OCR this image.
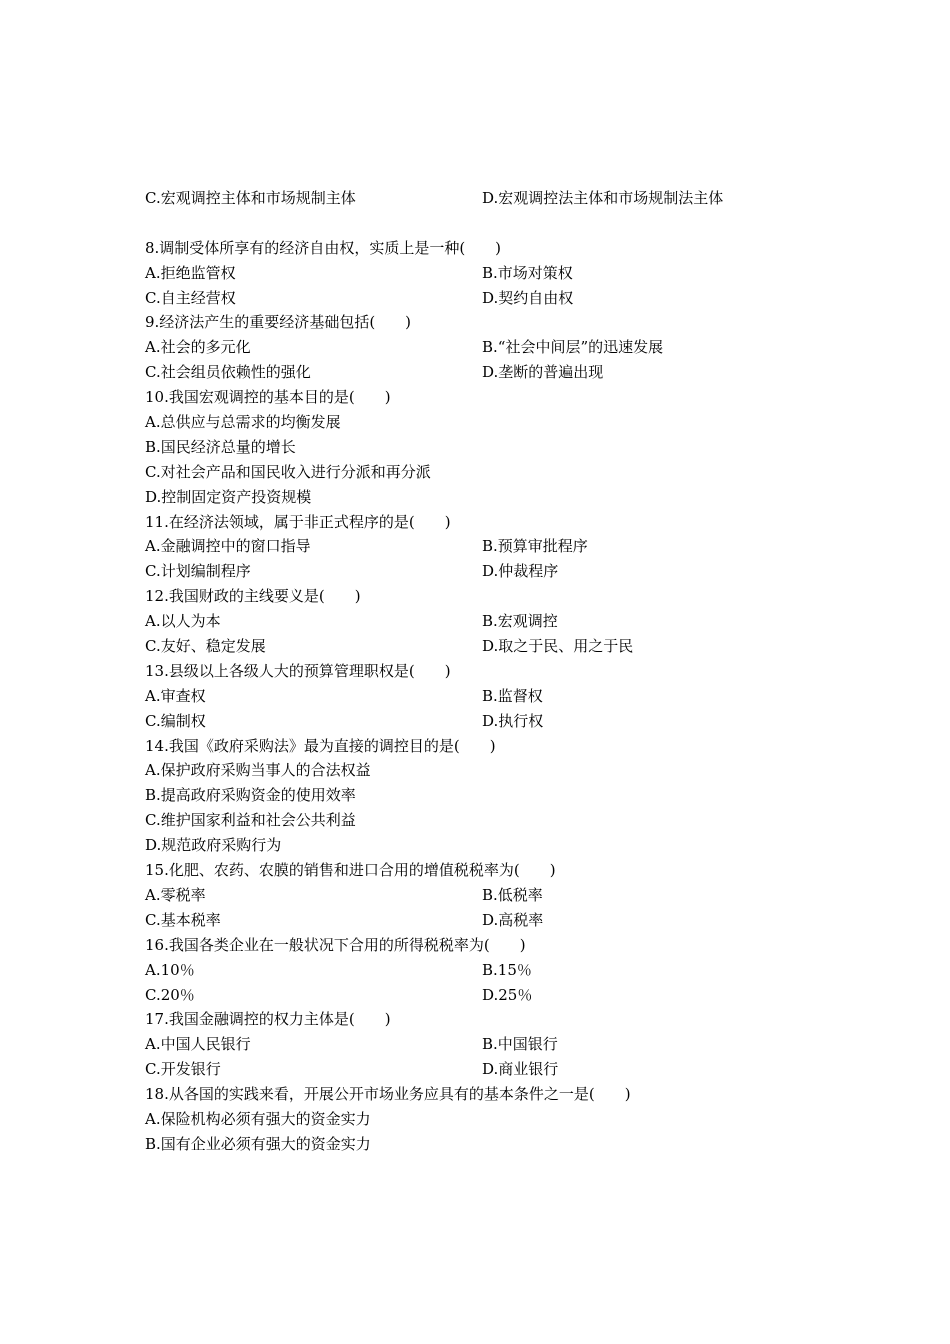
C.宏观调控主体和市场规制主体	D.宏观调控法主体和市场规制法主体
8.调制受体所享有的经济自由权，实质上是一种(　　)
A.拒绝监管权	B.市场对策权
C.自主经营权	D.契约自由权
9.经济法产生的重要经济基础包括(　　)
A.社会的多元化	B.“社会中间层”的迅速发展
C.社会组员依赖性的强化	D.垄断的普遍出现
10.我国宏观调控的基本目的是(　　)
A.总供应与总需求的均衡发展
B.国民经济总量的增长
C.对社会产品和国民收入进行分派和再分派
D.控制固定资产投资规模
11.在经济法领域，属于非正式程序的是(　　)
A.金融调控中的窗口指导	B.预算审批程序
C.计划编制程序	D.仲裁程序
12.我国财政的主线要义是(　　)
A.以人为本	B.宏观调控
C.友好、稳定发展	D.取之于民、用之于民
13.县级以上各级人大的预算管理职权是(　　)
A.审查权	B.监督权
C.编制权	D.执行权
14.我国《政府采购法》最为直接的调控目的是(　　)
A.保护政府采购当事人的合法权益
B.提高政府采购资金的使用效率
C.维护国家利益和社会公共利益
D.规范政府采购行为
15.化肥、农药、农膜的销售和进口合用的增值税税率为(　　)
A.零税率	B.低税率
C.基本税率	D.高税率
16.我国各类企业在一般状况下合用的所得税税率为(　　)
A.10％	B.15％
C.20％	D.25％
17.我国金融调控的权力主体是(　　)
A.中国人民银行	B.中国银行
C.开发银行	D.商业银行
18.从各国的实践来看，开展公开市场业务应具有的基本条件之一是(　　)
A.保险机构必须有强大的资金实力
B.国有企业必须有强大的资金实力
